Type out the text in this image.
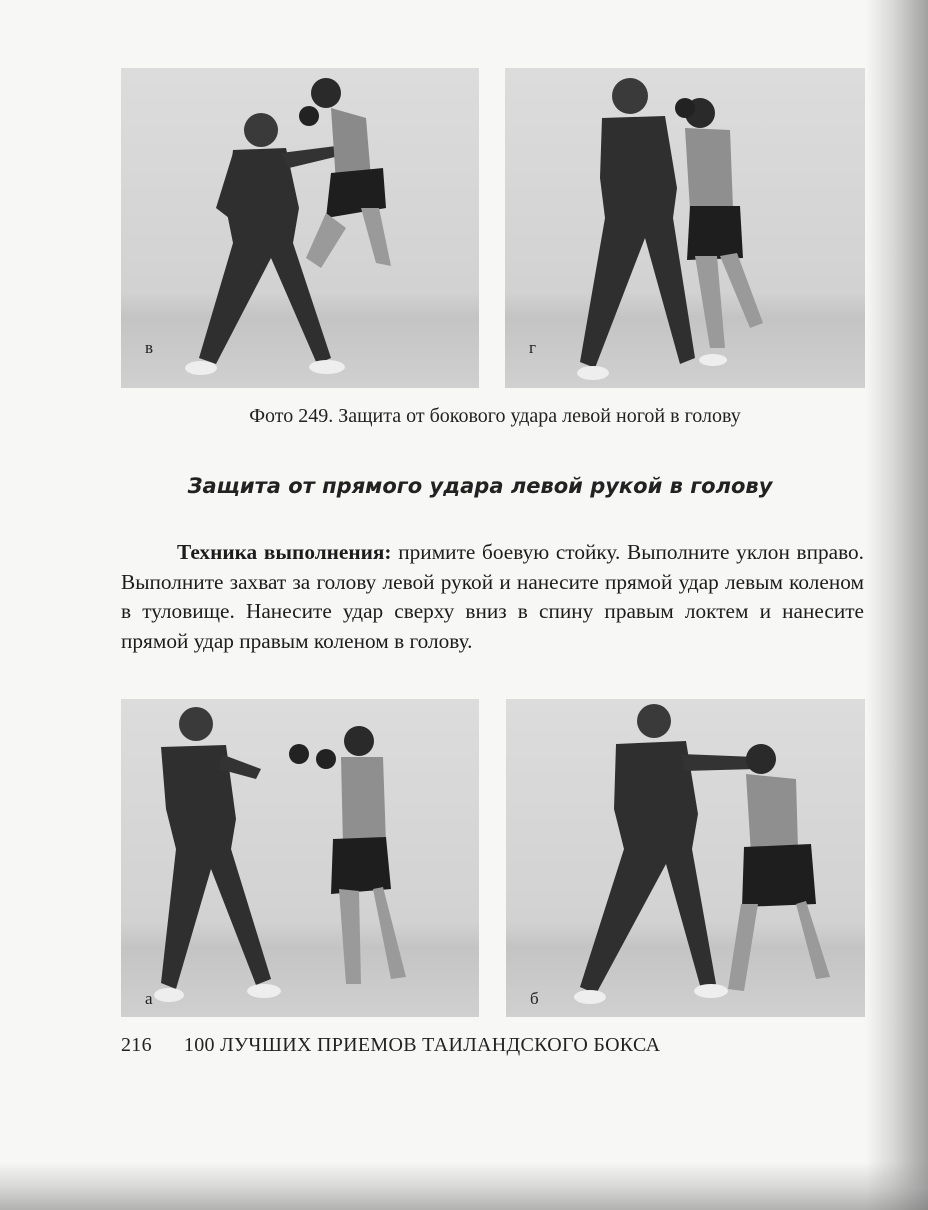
в	г
Фото 249. Защита от бокового удара левой ногой в голову
Защита от прямого удара левой рукой в голову
Техника выполнения: примите боевую стойку. Выполните уклон вправо. Выполните захват за голову левой рукой и нанесите прямой удар левым коленом в туловище. Нанесите удар сверху вниз в спину правым локтем и нанесите прямой удар правым коленом в голову.
а	б
216 100 ЛУЧШИХ ПРИЕМОВ ТАИЛАНДСКОГО БОКСА
